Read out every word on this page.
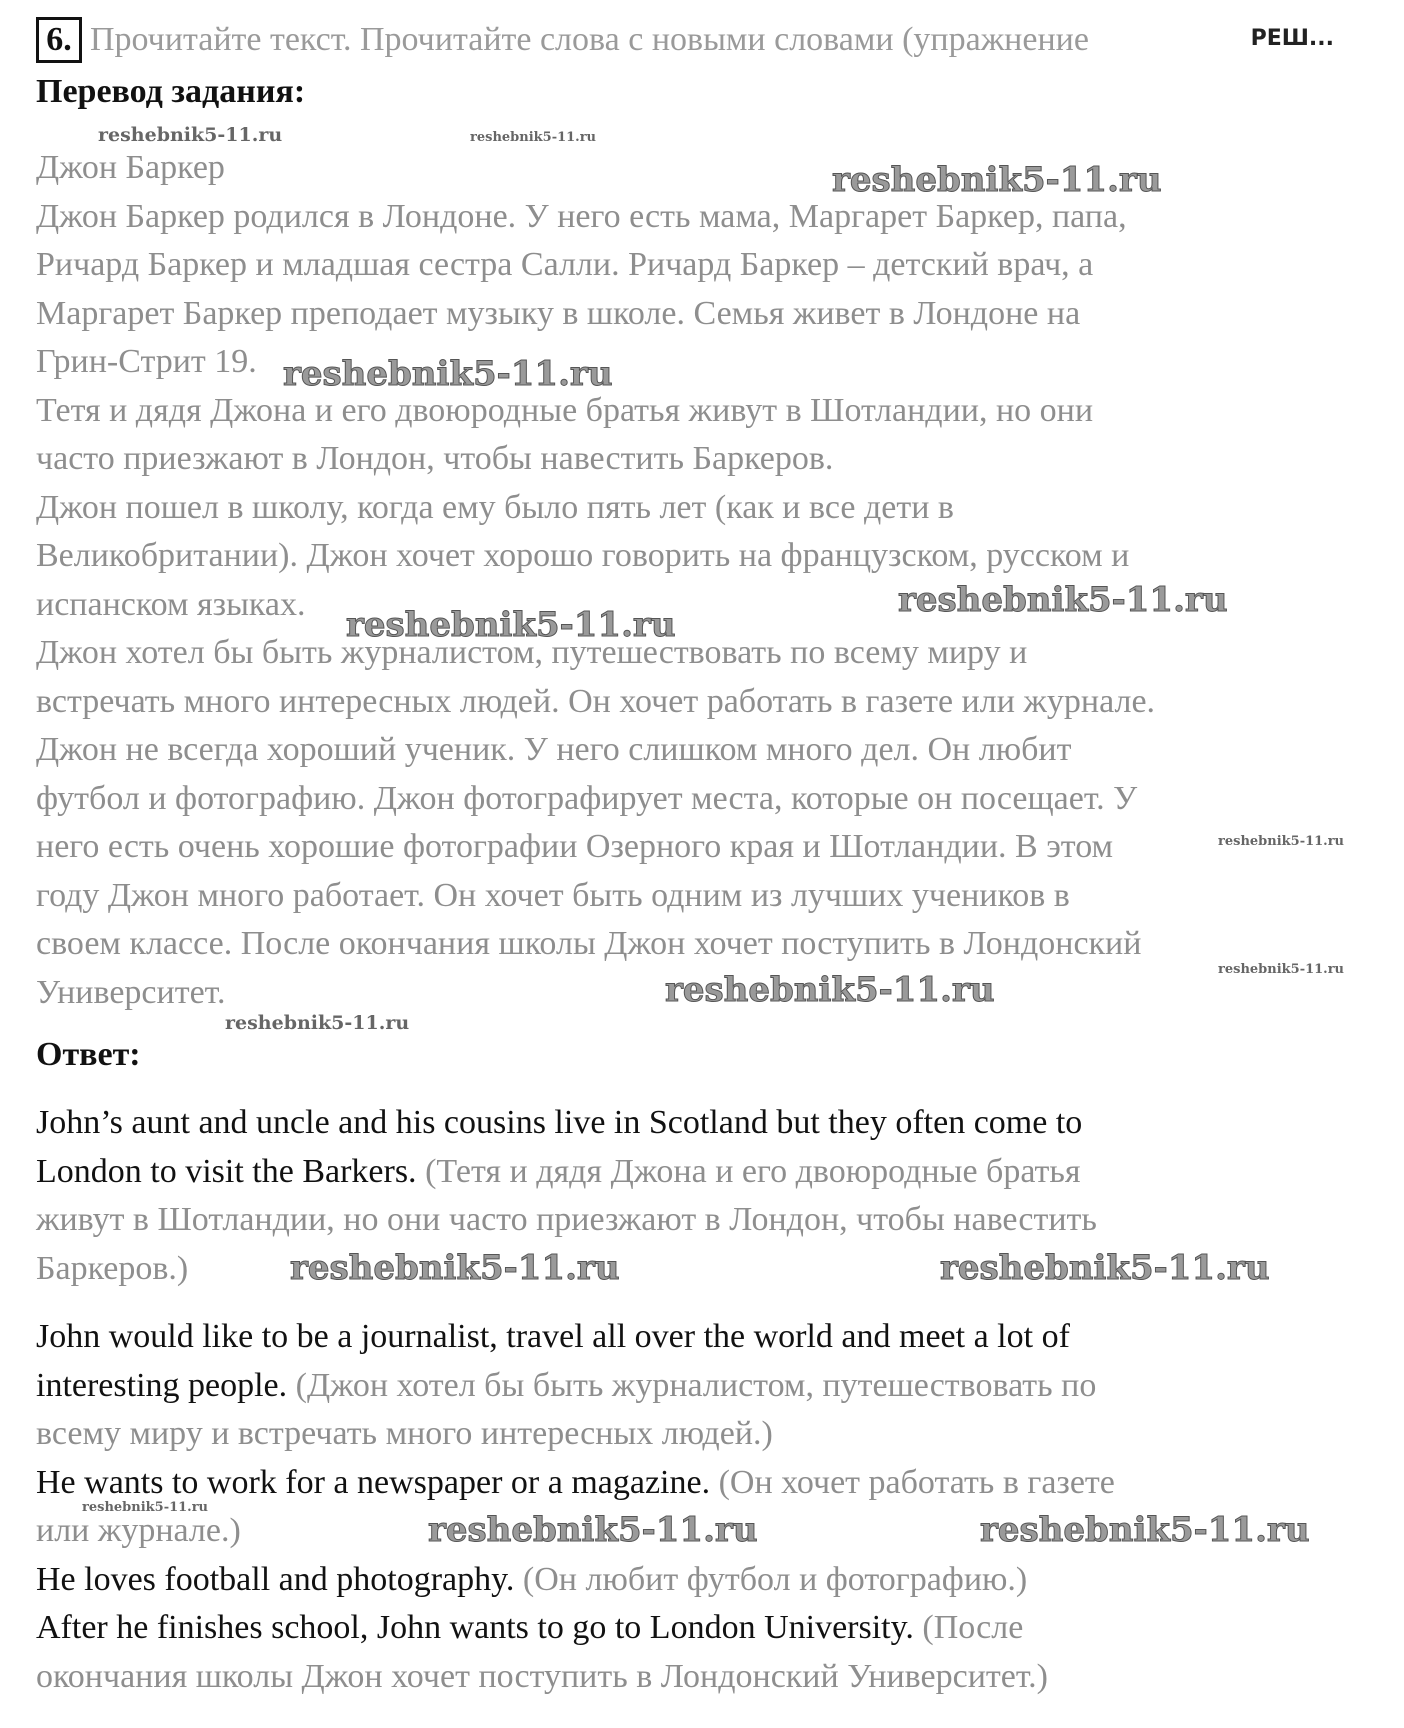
6. Прочитайте текст. Прочитайте слова с новыми словами (упражнение
Перевод задания:

Джон Баркер

Джон Баркер родился в Лондоне. У него есть мама, Маргарет Баркер, папа,

Ричард Баркер и младшая сестра Салли. Ричард Баркер – детский врач, а

Маргарет Баркер преподает музыку в школе. Семья живет в Лондоне на

Грин-Стрит 19.

Тетя и дядя Джона и его двоюродные братья живут в Шотландии, но они

часто приезжают в Лондон, чтобы навестить Баркеров.

Джон пошел в школу, когда ему было пять лет (как и все дети в

Великобритании). Джон хочет хорошо говорить на французском, русском и

испанском языках.

Джон хотел бы быть журналистом, путешествовать по всему миру и

встречать много интересных людей. Он хочет работать в газете или журнале.

Джон не всегда хороший ученик. У него слишком много дел. Он любит

футбол и фотографию. Джон фотографирует места, которые он посещает. У

него есть очень хорошие фотографии Озерного края и Шотландии. В этом

году Джон много работает. Он хочет быть одним из лучших учеников в

своем классе. После окончания школы Джон хочет поступить в Лондонский

Университет.

Ответ:

John’s aunt and uncle and his cousins live in Scotland but they often come to

London to visit the Barkers. (Тетя и дядя Джона и его двоюродные братья

живут в Шотландии, но они часто приезжают в Лондон, чтобы навестить

Баркеров.)

John would like to be a journalist, travel all over the world and meet a lot of

interesting people. (Джон хотел бы быть журналистом, путешествовать по

всему миру и встречать много интересных людей.)

He wants to work for a newspaper or a magazine. (Он хочет работать в газете

или журнале.)

He loves football and photography. (Он любит футбол и фотографию.)

After he finishes school, John wants to go to London University. (После

окончания школы Джон хочет поступить в Лондонский Университет.)

reshebnik5-11.ru	reshebnik5-11.ru
reshebnik5-11.ru
reshebnik5-11.ru
reshebnik5-11.ru
reshebnik5-11.ru
reshebnik5-11.ru
reshebnik5-11.ru
reshebnik5-11.ru
reshebnik5-11.ru
reshebnik5-11.ru	reshebnik5-11.ru
reshebnik5-11.ru
reshebnik5-11.ru	reshebnik5-11.ru
РЕШ...
